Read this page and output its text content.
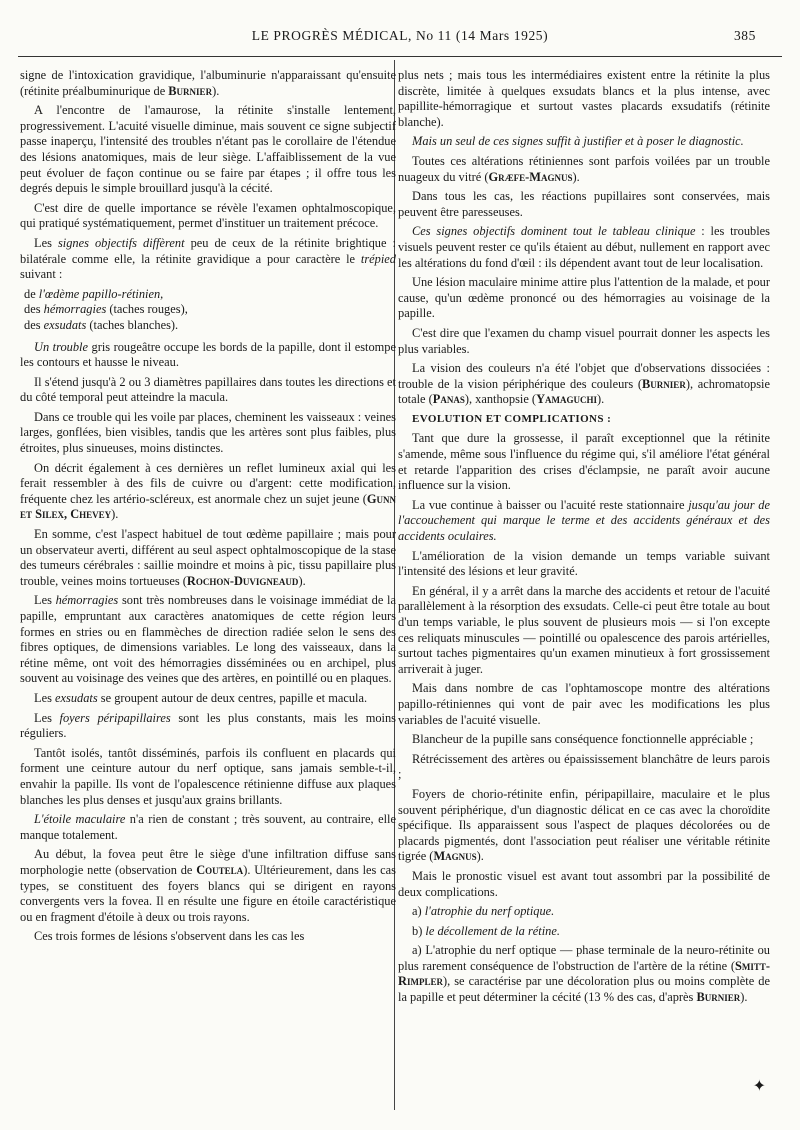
LE PROGRÈS MÉDICAL, No 11 (14 Mars 1925)	385

signe de l'intoxication gravidique, l'albuminurie n'apparaissant qu'ensuite (rétinite préalbuminurique de Burnier).

A l'encontre de l'amaurose, la rétinite s'installe lentement, progressivement. L'acuité visuelle diminue, mais souvent ce signe subjectif passe inaperçu, l'intensité des troubles n'étant pas le corollaire de l'étendue des lésions anatomiques, mais de leur siège. L'affaiblissement de la vue peut évoluer de façon continue ou se faire par étapes ; il offre tous les degrés depuis le simple brouillard jusqu'à la cécité.

C'est dire de quelle importance se révèle l'examen ophtalmoscopique, qui pratiqué systématiquement, permet d'instituer un traitement précoce.

Les signes objectifs diffèrent peu de ceux de la rétinite brightique : bilatérale comme elle, la rétinite gravidique a pour caractère le trépied suivant :

de l'œdème papillo-rétinien,

des hémorragies (taches rouges),

des exsudats (taches blanches).

Un trouble gris rougeâtre occupe les bords de la papille, dont il estompe les contours et hausse le niveau.

Il s'étend jusqu'à 2 ou 3 diamètres papillaires dans toutes les directions et du côté temporal peut atteindre la macula.

Dans ce trouble qui les voile par places, cheminent les vaisseaux : veines larges, gonflées, bien visibles, tandis que les artères sont plus faibles, plus étroites, plus sinueuses, moins distinctes.

On décrit également à ces dernières un reflet lumineux axial qui les ferait ressembler à des fils de cuivre ou d'argent: cette modification, fréquente chez les artério-scléreux, est anormale chez un sujet jeune (Gunn et Silex, Chevey).

En somme, c'est l'aspect habituel de tout œdème papillaire ; mais pour un observateur averti, différent au seul aspect ophtalmoscopique de la stase des tumeurs cérébrales : saillie moindre et moins à pic, tissu papillaire plus trouble, veines moins tortueuses (Rochon-Duvigneaud).

Les hémorragies sont très nombreuses dans le voisinage immédiat de la papille, empruntant aux caractères anatomiques de cette région leurs formes en stries ou en flammèches de direction radiée selon le sens des fibres optiques, de dimensions variables. Le long des vaisseaux, dans la rétine même, ont voit des hémorragies disséminées ou en archipel, plus souvent au voisinage des veines que des artères, en pointillé ou en plaques.

Les exsudats se groupent autour de deux centres, papille et macula.

Les foyers péripapillaires sont les plus constants, mais les moins réguliers.

Tantôt isolés, tantôt disséminés, parfois ils confluent en placards qui forment une ceinture autour du nerf optique, sans jamais semble-t-il, envahir la papille. Ils vont de l'opalescence rétinienne diffuse aux plaques blanches les plus denses et jusqu'aux grains brillants.

L'étoile maculaire n'a rien de constant ; très souvent, au contraire, elle manque totalement.

Au début, la fovea peut être le siège d'une infiltration diffuse sans morphologie nette (observation de Coutela). Ultérieurement, dans les cas types, se constituent des foyers blancs qui se dirigent en rayons convergents vers la fovea. Il en résulte une figure en étoile caractéristique ou en fragment d'étoile à deux ou trois rayons.

Ces trois formes de lésions s'observent dans les cas les

plus nets ; mais tous les intermédiaires existent entre la rétinite la plus discrète, limitée à quelques exsudats blancs et la plus intense, avec papillite-hémorragique et surtout vastes placards exsudatifs (rétinite blanche).

Mais un seul de ces signes suffit à justifier et à poser le diagnostic.

Toutes ces altérations rétiniennes sont parfois voilées par un trouble nuageux du vitré (Græfe-Magnus).

Dans tous les cas, les réactions pupillaires sont conservées, mais peuvent être paresseuses.

Ces signes objectifs dominent tout le tableau clinique : les troubles visuels peuvent rester ce qu'ils étaient au début, nullement en rapport avec les altérations du fond d'œil : ils dépendent avant tout de leur localisation.

Une lésion maculaire minime attire plus l'attention de la malade, et pour cause, qu'un œdème prononcé ou des hémorragies au voisinage de la papille.

C'est dire que l'examen du champ visuel pourrait donner les aspects les plus variables.

La vision des couleurs n'a été l'objet que d'observations dissociées : trouble de la vision périphérique des couleurs (Burnier), achromatopsie totale (Panas), xanthopsie (Yamaguchi).

EVOLUTION ET COMPLICATIONS :

Tant que dure la grossesse, il paraît exceptionnel que la rétinite s'amende, même sous l'influence du régime qui, s'il améliore l'état général et retarde l'apparition des crises d'éclampsie, ne paraît avoir aucune influence sur la vision.

La vue continue à baisser ou l'acuité reste stationnaire jusqu'au jour de l'accouchement qui marque le terme et des accidents généraux et des accidents oculaires.

L'amélioration de la vision demande un temps variable suivant l'intensité des lésions et leur gravité.

En général, il y a arrêt dans la marche des accidents et retour de l'acuité parallèlement à la résorption des exsudats. Celle-ci peut être totale au bout d'un temps variable, le plus souvent de plusieurs mois — si l'on excepte ces reliquats minuscules — pointillé ou opalescence des parois artérielles, surtout taches pigmentaires qu'un examen minutieux à fort grossissement arriverait à juger.

Mais dans nombre de cas l'ophtamoscope montre des altérations papillo-rétiniennes qui vont de pair avec les modifications les plus variables de l'acuité visuelle.

Blancheur de la pupille sans conséquence fonctionnelle appréciable ;

Rétrécissement des artères ou épaississement blanchâtre de leurs parois ;

Foyers de chorio-rétinite enfin, péripapillaire, maculaire et le plus souvent périphérique, d'un diagnostic délicat en ce cas avec la choroïdite spécifique. Ils apparaissent sous l'aspect de plaques décolorées ou de placards pigmentés, dont l'association peut réaliser une véritable rétinite tigrée (Magnus).

Mais le pronostic visuel est avant tout assombri par la possibilité de deux complications.

a) l'atrophie du nerf optique.

b) le décollement de la rétine.

a) L'atrophie du nerf optique — phase terminale de la neuro-rétinite ou plus rarement conséquence de l'obstruction de l'artère de la rétine (Smitt-Rimpler), se caractérise par une décoloration plus ou moins complète de la papille et peut déterminer la cécité (13 % des cas, d'après Burnier).

✦
